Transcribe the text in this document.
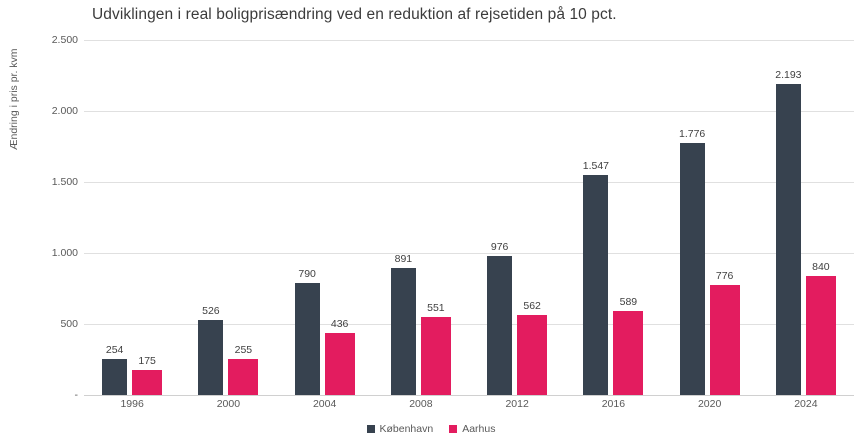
Udviklingen i real boligprisændring ved en reduktion af rejsetiden på 10 pct.
Ændring i pris pr. kvm
-
500
1.000
1.500
2.000
2.500
254
175
526
255
790
436
891
551
976
562
1.547
589
1.776
776
2.193
840
1996	2000	2004	2008	2012	2016	2020	2024
København	Aarhus
